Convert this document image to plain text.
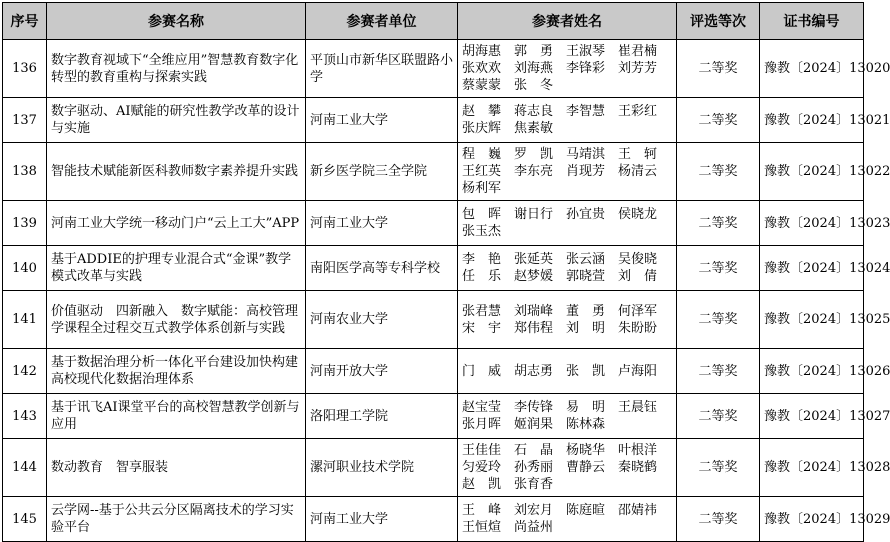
序号	参赛名称	参赛者单位	参赛者姓名	评选等次	证书编号
136	数字教育视域下“全维应用”智慧教育数字化转型的教育重构与探索实践	平顶山市新华区联盟路小学	胡海惠　郭　勇　王淑琴　崔君楠　张欢欢　刘海燕　李锋彩　刘芳芳　蔡蒙蒙　张　冬	二等奖	豫教〔2024〕13020
137	数字驱动、AI赋能的研究性教学改革的设计与实施	河南工业大学	赵　攀　蒋志良　李智慧　王彩红　张庆辉　焦素敏	二等奖	豫教〔2024〕13021
138	智能技术赋能新医科教师数字素养提升实践	新乡医学院三全学院	程　巍　罗　凯　马靖淇　王　轲　王红英　李东亮　肖现芳　杨清云　杨利军	二等奖	豫教〔2024〕13022
139	河南工业大学统一移动门户“云上工大”APP	河南工业大学	包　晖　谢日行　孙宜贵　侯晓龙　张玉杰	二等奖	豫教〔2024〕13023
140	基于ADDIE的护理专业混合式“金课”教学模式改革与实践	南阳医学高等专科学校	李　艳　张延英　张云涵　吴俊晓　任　乐　赵梦媛　郭晓萱　刘　倩	二等奖	豫教〔2024〕13024
141	价值驱动　四新融入　数字赋能：高校管理学课程全过程交互式教学体系创新与实践	河南农业大学	张君慧　刘瑞峰　董　勇　何泽军　宋　宇　郑伟程　刘　明　朱盼盼	二等奖	豫教〔2024〕13025
142	基于数据治理分析一体化平台建设加快构建高校现代化数据治理体系	河南开放大学	门　威　胡志勇　张　凯　卢海阳	二等奖	豫教〔2024〕13026
143	基于讯飞AI课堂平台的高校智慧教学创新与应用	洛阳理工学院	赵宝莹　李传锋　易　明　王晨钰　张月晖　姬润果　陈林森	二等奖	豫教〔2024〕13027
144	数动教育　智享服装	漯河职业技术学院	王佳佳　石　晶　杨晓华　叶根洋　匀爱玲　孙秀丽　曹静云　秦晓鹤　赵　凯　张育香	二等奖	豫教〔2024〕13028
145	云学网--基于公共云分区隔离技术的学习实验平台	河南工业大学	王　峰　刘宏月　陈庭暄　邵婧祎　王恒煊　尚益州	二等奖	豫教〔2024〕13029
